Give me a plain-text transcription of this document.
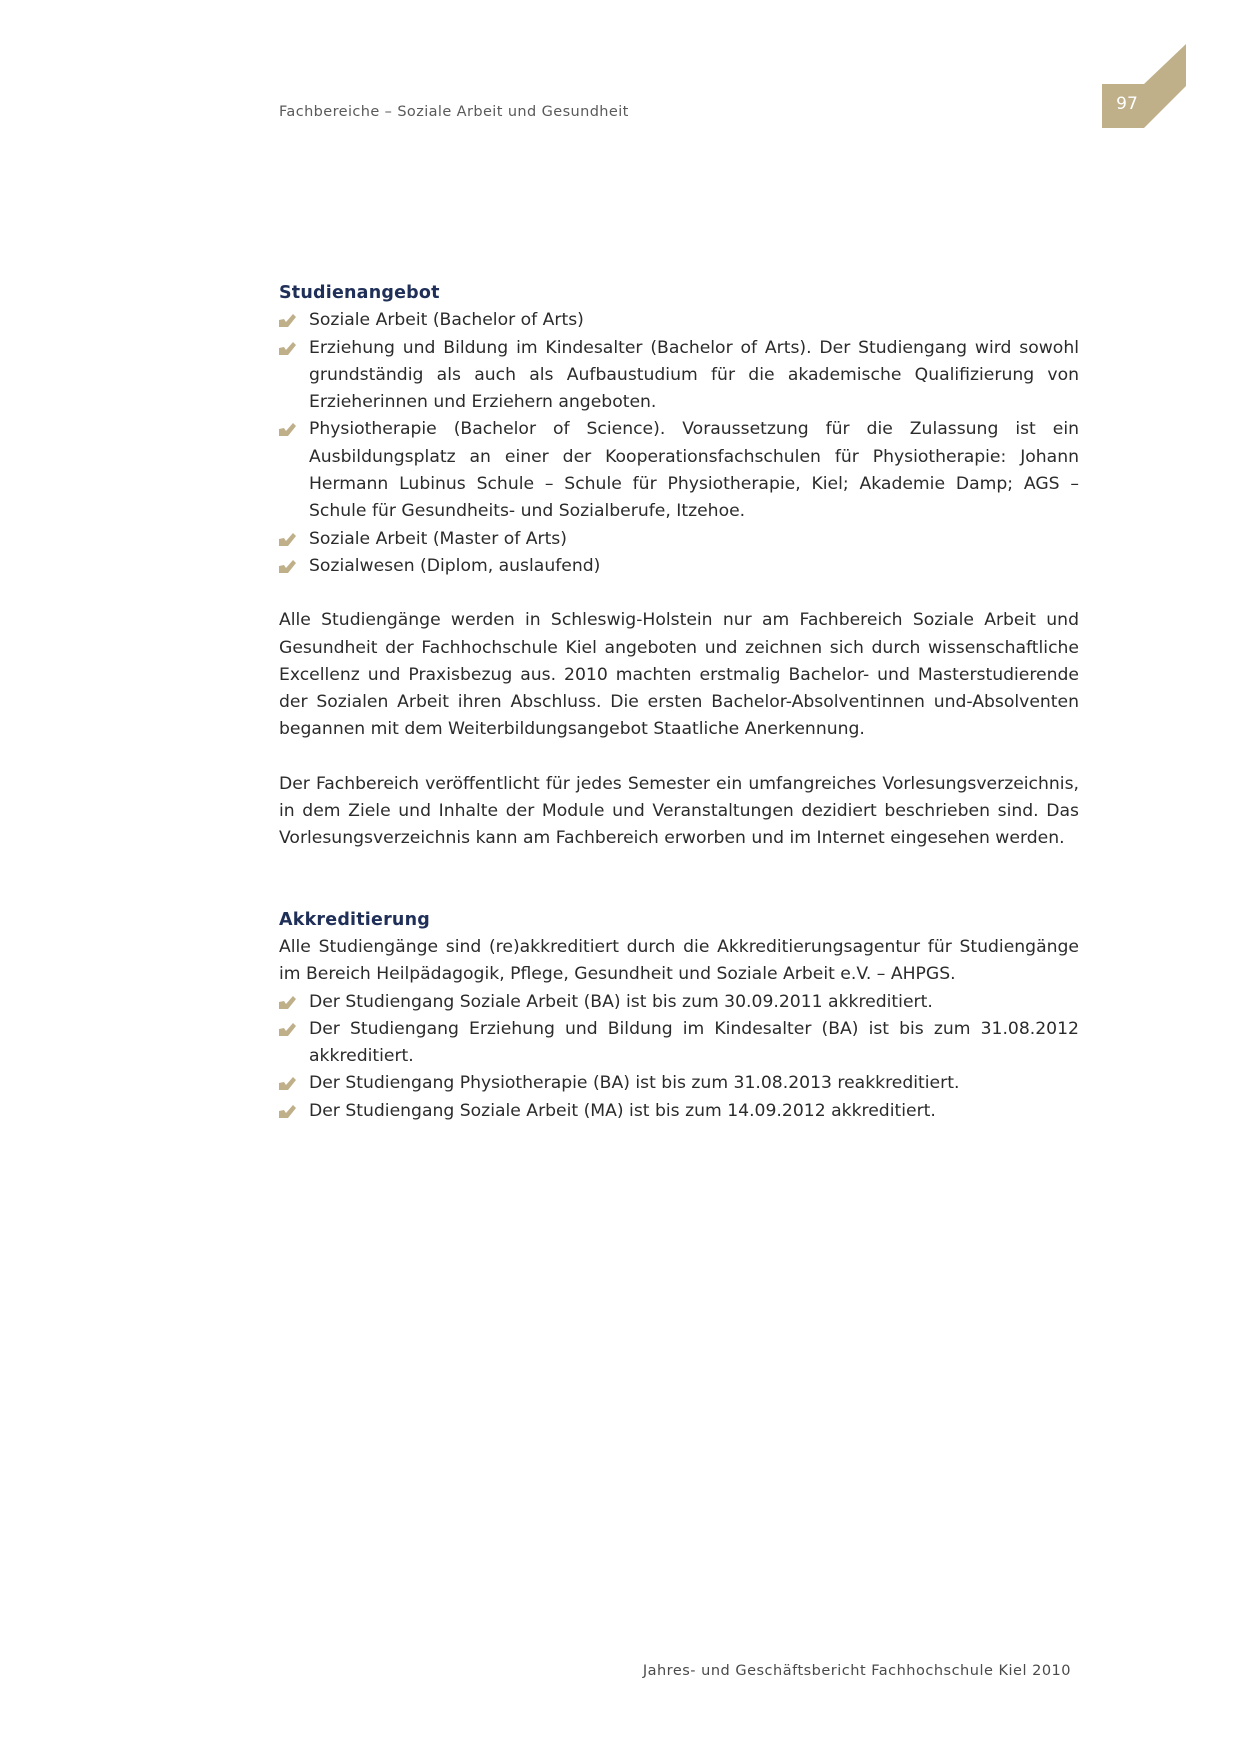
Fachbereiche – Soziale Arbeit und Gesundheit	97
Studienangebot
Soziale Arbeit (Bachelor of Arts)
Erziehung und Bildung im Kindesalter (Bachelor of Arts). Der Studiengang wird sowohl grundständig als auch als Aufbaustudium für die akademische Qualifizierung von Erzieherinnen und Erziehern angeboten.
Physiotherapie (Bachelor of Science). Voraussetzung für die Zulassung ist ein Ausbildungsplatz an einer der Kooperationsfachschulen für Physiotherapie: Johann Hermann Lubinus Schule – Schule für Physiotherapie, Kiel; Akademie Damp; AGS – Schule für Gesundheits- und Sozialberufe, Itzehoe.
Soziale Arbeit (Master of Arts)
Sozialwesen (Diplom, auslaufend)

Alle Studiengänge werden in Schleswig-Holstein nur am Fachbereich Soziale Arbeit und Gesundheit der Fachhochschule Kiel angeboten und zeichnen sich durch wissenschaftliche Excellenz und Praxisbezug aus. 2010 machten erstmalig Bachelor- und Masterstudierende der Sozialen Arbeit ihren Abschluss. Die ersten Bachelor-Absolventinnen und-Absolventen begannen mit dem Weiterbildungsangebot Staatliche Anerkennung.

Der Fachbereich veröffentlicht für jedes Semester ein umfangreiches Vorlesungsverzeichnis, in dem Ziele und Inhalte der Module und Veranstaltungen dezidiert beschrieben sind. Das Vorlesungsverzeichnis kann am Fachbereich erworben und im Internet eingesehen werden.

Akkreditierung

Alle Studiengänge sind (re)akkreditiert durch die Akkreditierungsagentur für Studiengänge im Bereich Heilpädagogik, Pflege, Gesundheit und Soziale Arbeit e.V. – AHPGS.

Der Studiengang Soziale Arbeit (BA) ist bis zum 30.09.2011 akkreditiert.
Der Studiengang Erziehung und Bildung im Kindesalter (BA) ist bis zum 31.08.2012 akkreditiert.
Der Studiengang Physiotherapie (BA) ist bis zum 31.08.2013 reakkreditiert.
Der Studiengang Soziale Arbeit (MA) ist bis zum 14.09.2012 akkreditiert.
Jahres- und Geschäftsbericht Fachhochschule Kiel 2010
